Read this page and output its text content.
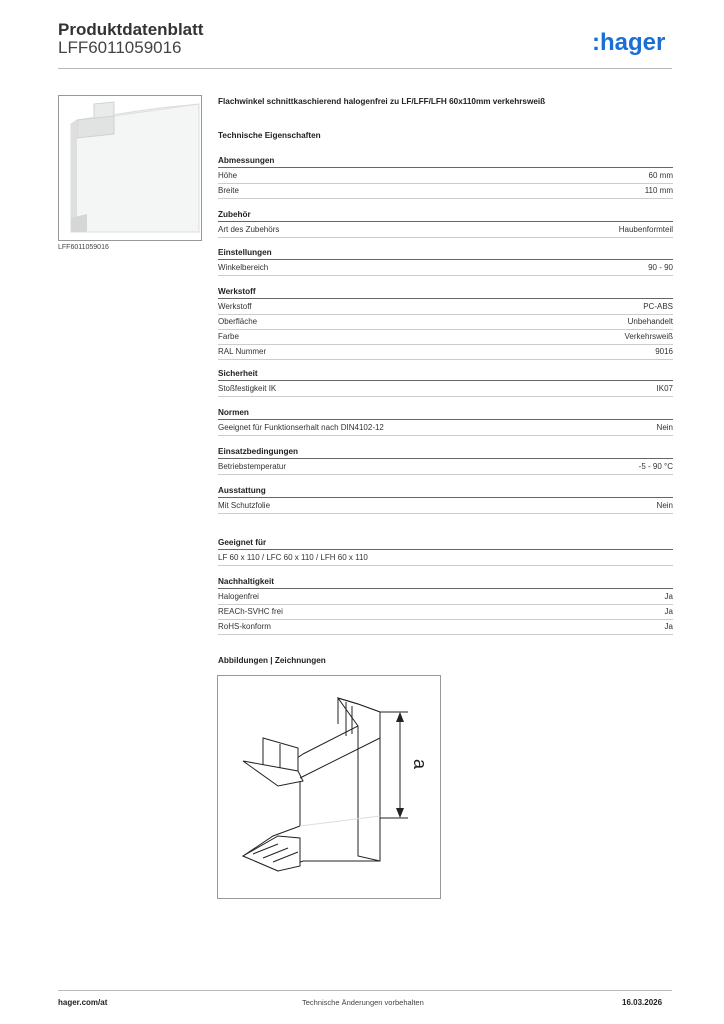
Produktdatenblatt
LFF6011059016	:hager
LFF6011059016
Flachwinkel schnittkaschierend halogenfrei zu LF/LFF/LFH 60x110mm verkehrsweiß
Technische Eigenschaften
Abmessungen
Höhe	60 mm
Breite	110 mm
Zubehör
Art des Zubehörs	Haubenformteil
Einstellungen
Winkelbereich	90 - 90
Werkstoff
Werkstoff	PC-ABS
Oberfläche	Unbehandelt
Farbe	Verkehrsweiß
RAL Nummer	9016
Sicherheit
Stoßfestigkeit IK	IK07
Normen
Geeignet für Funktionserhalt nach DIN4102-12	Nein
Einsatzbedingungen
Betriebstemperatur	-5 - 90 °C
Ausstattung
Mit Schutzfolie	Nein
Geeignet für
LF 60 x 110 / LFC 60 x 110 / LFH 60 x 110
Nachhaltigkeit
Halogenfrei	Ja
REACh-SVHC frei	Ja
RoHS-konform	Ja
Abbildungen | Zeichnungen
a
hager.com/at	Technische Änderungen vorbehalten	16.03.2026
